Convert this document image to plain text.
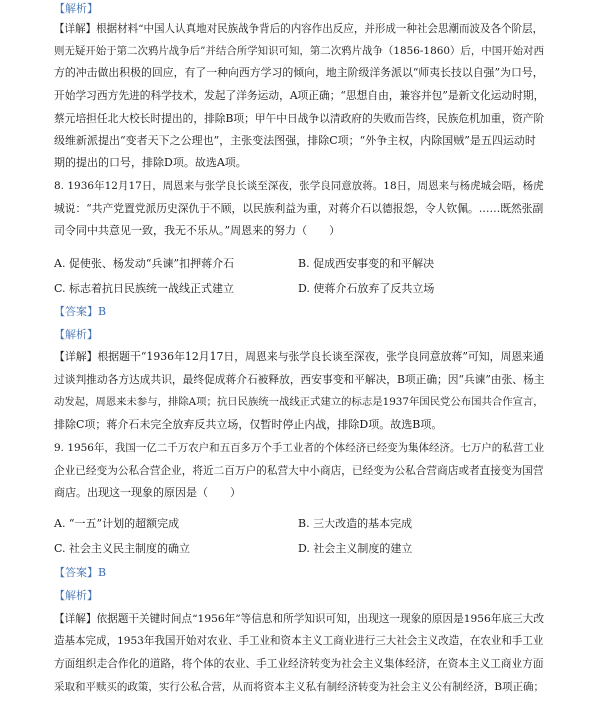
【解析】
【详解】根据材料“中国人认真地对民族战争背后的内容作出反应，并形成一种社会思潮而波及各个阶层，
则无疑开始于第二次鸦片战争后”并结合所学知识可知，第二次鸦片战争（1856-1860）后，中国开始对西
方的冲击做出积极的回应，有了一种向西方学习的倾向，地主阶级洋务派以“师夷长技以自强”为口号，
开始学习西方先进的科学技术，发起了洋务运动，A项正确；“思想自由，兼容并包”是新文化运动时期，
蔡元培担任北大校长时提出的，排除B项；甲午中日战争以清政府的失败而告终，民族危机加重，资产阶
级维新派提出“变者天下之公理也”，主张变法图强，排除C项；“外争主权，内除国贼”是五四运动时
期的提出的口号，排除D项。故选A项。
8. 1936年12月17日，周恩来与张学良长谈至深夜，张学良同意放蒋。18日，周恩来与杨虎城会晤，杨虎
城说：“共产党置党派历史深仇于不顾，以民族利益为重，对蒋介石以德报怨，令人钦佩。……既然张副
司令同中共意见一致，我无不乐从。”周恩来的努力（　　）
A. 促使张、杨发动“兵谏”扣押蒋介石	B. 促成西安事变的和平解决
C. 标志着抗日民族统一战线正式建立	D. 使蒋介石放弃了反共立场
【答案】B
【解析】
【详解】根据题干“1936年12月17日，周恩来与张学良长谈至深夜，张学良同意放蒋”可知，周恩来通
过谈判推动各方达成共识，最终促成蒋介石被释放，西安事变和平解决，B项正确；因“兵谏”由张、杨主
动发起，周恩来未参与，排除A项；抗日民族统一战线正式建立的标志是1937年国民党公布国共合作宣言，
排除C项；蒋介石未完全放弃反共立场，仅暂时停止内战，排除D项。故选B项。
9. 1956年，我国一亿二千万农户和五百多万个手工业者的个体经济已经变为集体经济。七万户的私营工业
企业已经变为公私合营企业，将近二百万户的私营大中小商店，已经变为公私合营商店或者直接变为国营
商店。出现这一现象的原因是（　　）
A. “一五”计划的超额完成	B. 三大改造的基本完成
C. 社会主义民主制度的确立	D. 社会主义制度的建立
【答案】B
【解析】
【详解】依据题干关键时间点“1956年”等信息和所学知识可知，出现这一现象的原因是1956年底三大改
造基本完成，1953年我国开始对农业、手工业和资本主义工商业进行三大社会主义改造，在农业和手工业
方面组织走合作化的道路，将个体的农业、手工业经济转变为社会主义集体经济，在资本主义工商业方面
采取和平赎买的政策，实行公私合营，从而将资本主义私有制经济转变为社会主义公有制经济，B项正确；
